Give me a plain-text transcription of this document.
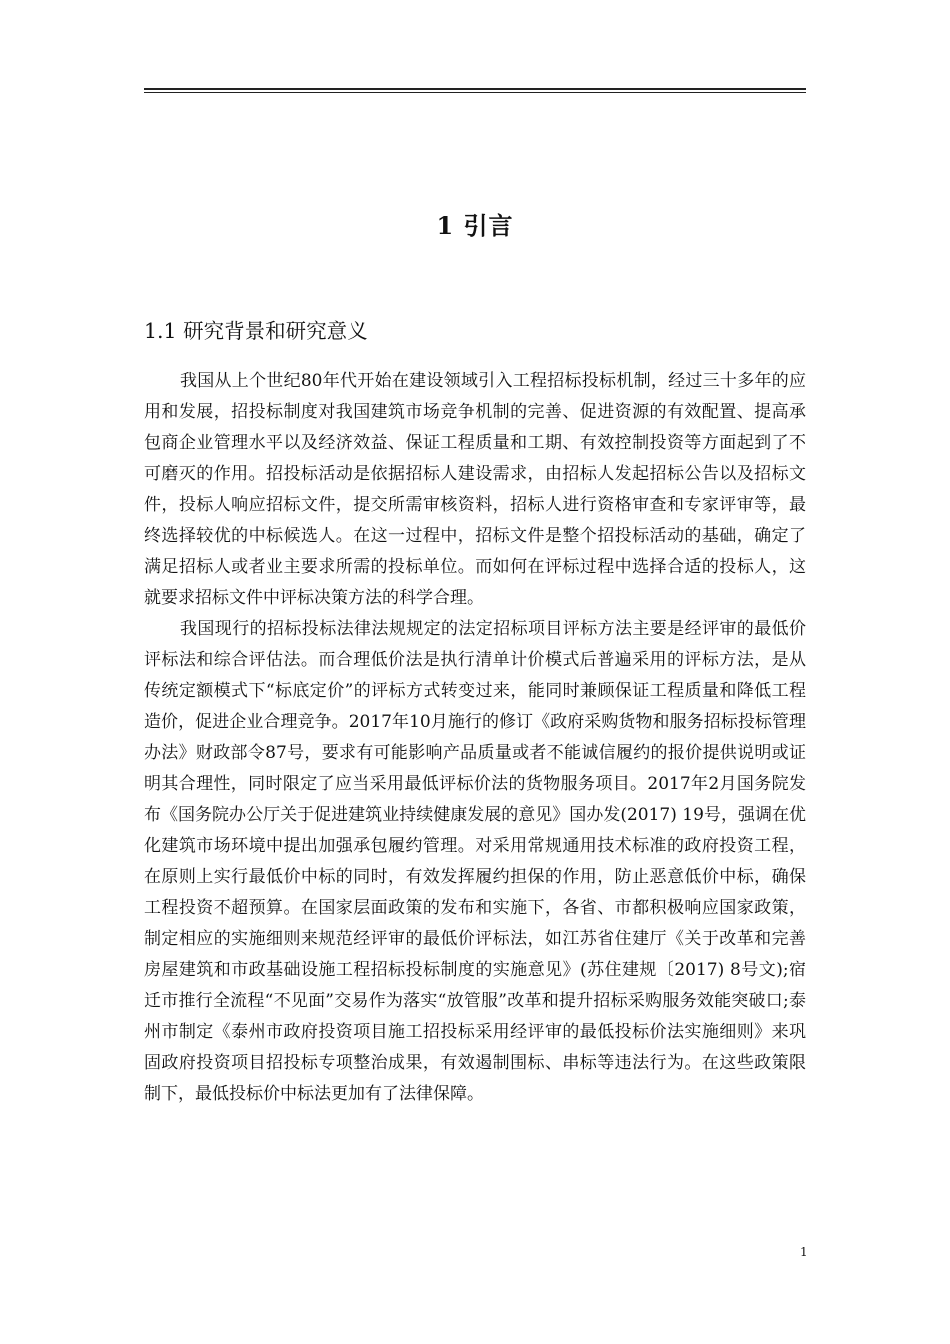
1 引言
1.1 研究背景和研究意义

我国从上个世纪80年代开始在建设领域引入工程招标投标机制，经过三十多年的应用和发展，招投标制度对我国建筑市场竞争机制的完善、促进资源的有效配置、提高承包商企业管理水平以及经济效益、保证工程质量和工期、有效控制投资等方面起到了不可磨灭的作用。招投标活动是依据招标人建设需求，由招标人发起招标公告以及招标文件，投标人响应招标文件，提交所需审核资料，招标人进行资格审查和专家评审等，最终选择较优的中标候选人。在这一过程中，招标文件是整个招投标活动的基础，确定了满足招标人或者业主要求所需的投标单位。而如何在评标过程中选择合适的投标人，这就要求招标文件中评标决策方法的科学合理。

我国现行的招标投标法律法规规定的法定招标项目评标方法主要是经评审的最低价评标法和综合评估法。而合理低价法是执行清单计价模式后普遍采用的评标方法，是从传统定额模式下“标底定价”的评标方式转变过来，能同时兼顾保证工程质量和降低工程造价，促进企业合理竞争。2017年10月施行的修订《政府采购货物和服务招标投标管理办法》财政部令87号，要求有可能影响产品质量或者不能诚信履约的报价提供说明或证明其合理性，同时限定了应当采用最低评标价法的货物服务项目。2017年2月国务院发布《国务院办公厅关于促进建筑业持续健康发展的意见》国办发(2017) 19号，强调在优化建筑市场环境中提出加强承包履约管理。对采用常规通用技术标准的政府投资工程，在原则上实行最低价中标的同时，有效发挥履约担保的作用，防止恶意低价中标，确保工程投资不超预算。在国家层面政策的发布和实施下，各省、市都积极响应国家政策，制定相应的实施细则来规范经评审的最低价评标法，如江苏省住建厅《关于改革和完善房屋建筑和市政基础设施工程招标投标制度的实施意见》(苏住建规〔2017) 8号文);宿迁市推行全流程“不见面”交易作为落实“放管服”改革和提升招标采购服务效能突破口;泰州市制定《泰州市政府投资项目施工招投标采用经评审的最低投标价法实施细则》来巩固政府投资项目招投标专项整治成果，有效遏制围标、串标等违法行为。在这些政策限制下，最低投标价中标法更加有了法律保障。

1
